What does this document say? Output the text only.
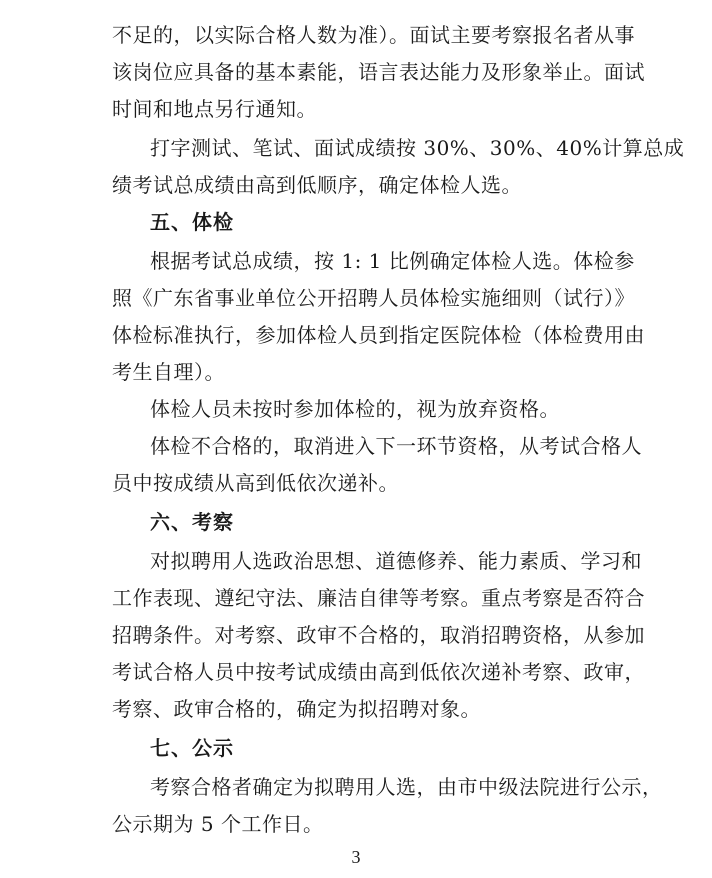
不足的，以实际合格人数为准）。面试主要考察报名者从事
该岗位应具备的基本素能，语言表达能力及形象举止。面试
时间和地点另行通知。
打字测试、笔试、面试成绩按 30%、30%、40%计算总成
绩考试总成绩由高到低顺序，确定体检人选。
五、体检
根据考试总成绩，按 1: 1 比例确定体检人选。体检参
照《广东省事业单位公开招聘人员体检实施细则（试行）》
体检标准执行，参加体检人员到指定医院体检（体检费用由
考生自理）。
体检人员未按时参加体检的，视为放弃资格。
体检不合格的，取消进入下一环节资格，从考试合格人
员中按成绩从高到低依次递补。
六、考察
对拟聘用人选政治思想、道德修养、能力素质、学习和
工作表现、遵纪守法、廉洁自律等考察。重点考察是否符合
招聘条件。对考察、政审不合格的，取消招聘资格，从参加
考试合格人员中按考试成绩由高到低依次递补考察、政审，
考察、政审合格的，确定为拟招聘对象。
七、公示
考察合格者确定为拟聘用人选，由市中级法院进行公示，
公示期为 5 个工作日。
3
